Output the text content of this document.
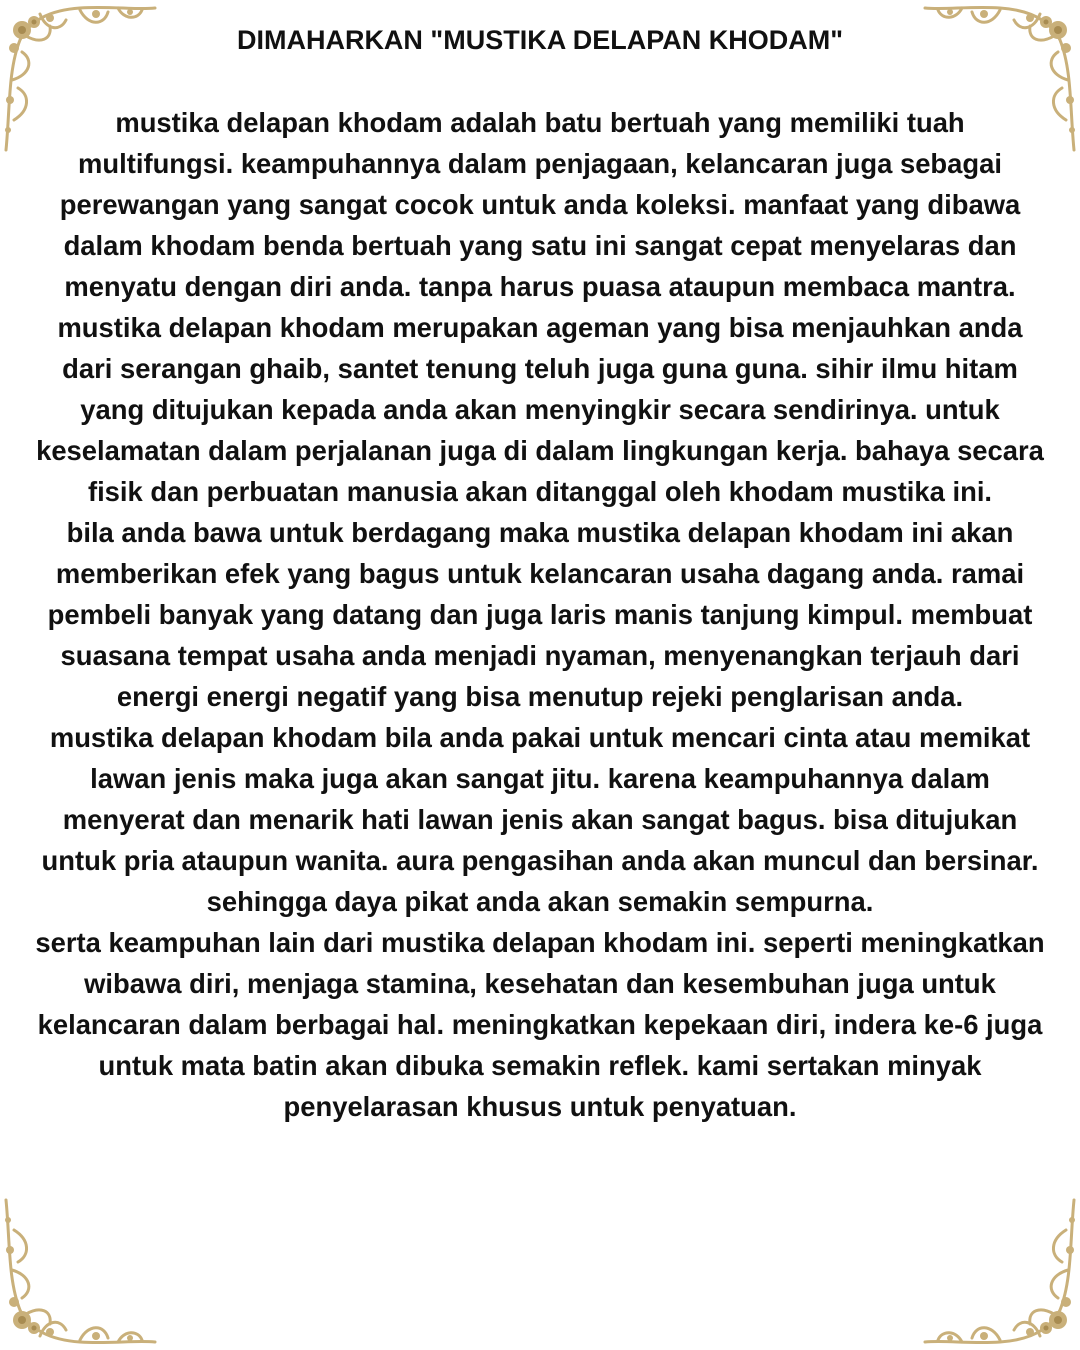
DIMAHARKAN "MUSTIKA DELAPAN KHODAM"

mustika delapan khodam adalah batu bertuah yang memiliki tuah multifungsi. keampuhannya dalam penjagaan, kelancaran juga sebagai perewangan yang sangat cocok untuk anda koleksi. manfaat yang dibawa dalam khodam benda bertuah yang satu ini sangat cepat menyelaras dan menyatu dengan diri anda. tanpa harus puasa ataupun membaca mantra.

mustika delapan khodam merupakan ageman yang bisa menjauhkan anda dari serangan ghaib, santet tenung teluh juga guna guna. sihir ilmu hitam yang ditujukan kepada anda akan menyingkir secara sendirinya. untuk keselamatan dalam perjalanan juga di dalam lingkungan kerja. bahaya secara fisik dan perbuatan manusia akan ditanggal oleh khodam mustika ini.

bila anda bawa untuk berdagang maka mustika delapan khodam ini akan memberikan efek yang bagus untuk kelancaran usaha dagang anda. ramai pembeli banyak yang datang dan juga laris manis tanjung kimpul. membuat suasana tempat usaha anda menjadi nyaman, menyenangkan terjauh dari energi energi negatif yang bisa menutup rejeki penglarisan anda.

mustika delapan khodam bila anda pakai untuk mencari cinta atau memikat lawan jenis maka juga akan sangat jitu. karena keampuhannya dalam menyerat dan menarik hati lawan jenis akan sangat bagus. bisa ditujukan untuk pria ataupun wanita. aura pengasihan anda akan muncul dan bersinar. sehingga daya pikat anda akan semakin sempurna.

serta keampuhan lain dari mustika delapan khodam ini. seperti meningkatkan wibawa diri, menjaga stamina, kesehatan dan kesembuhan juga untuk kelancaran dalam berbagai hal. meningkatkan kepekaan diri, indera ke-6 juga untuk mata batin akan dibuka semakin reflek. kami sertakan minyak penyelarasan khusus untuk penyatuan.
